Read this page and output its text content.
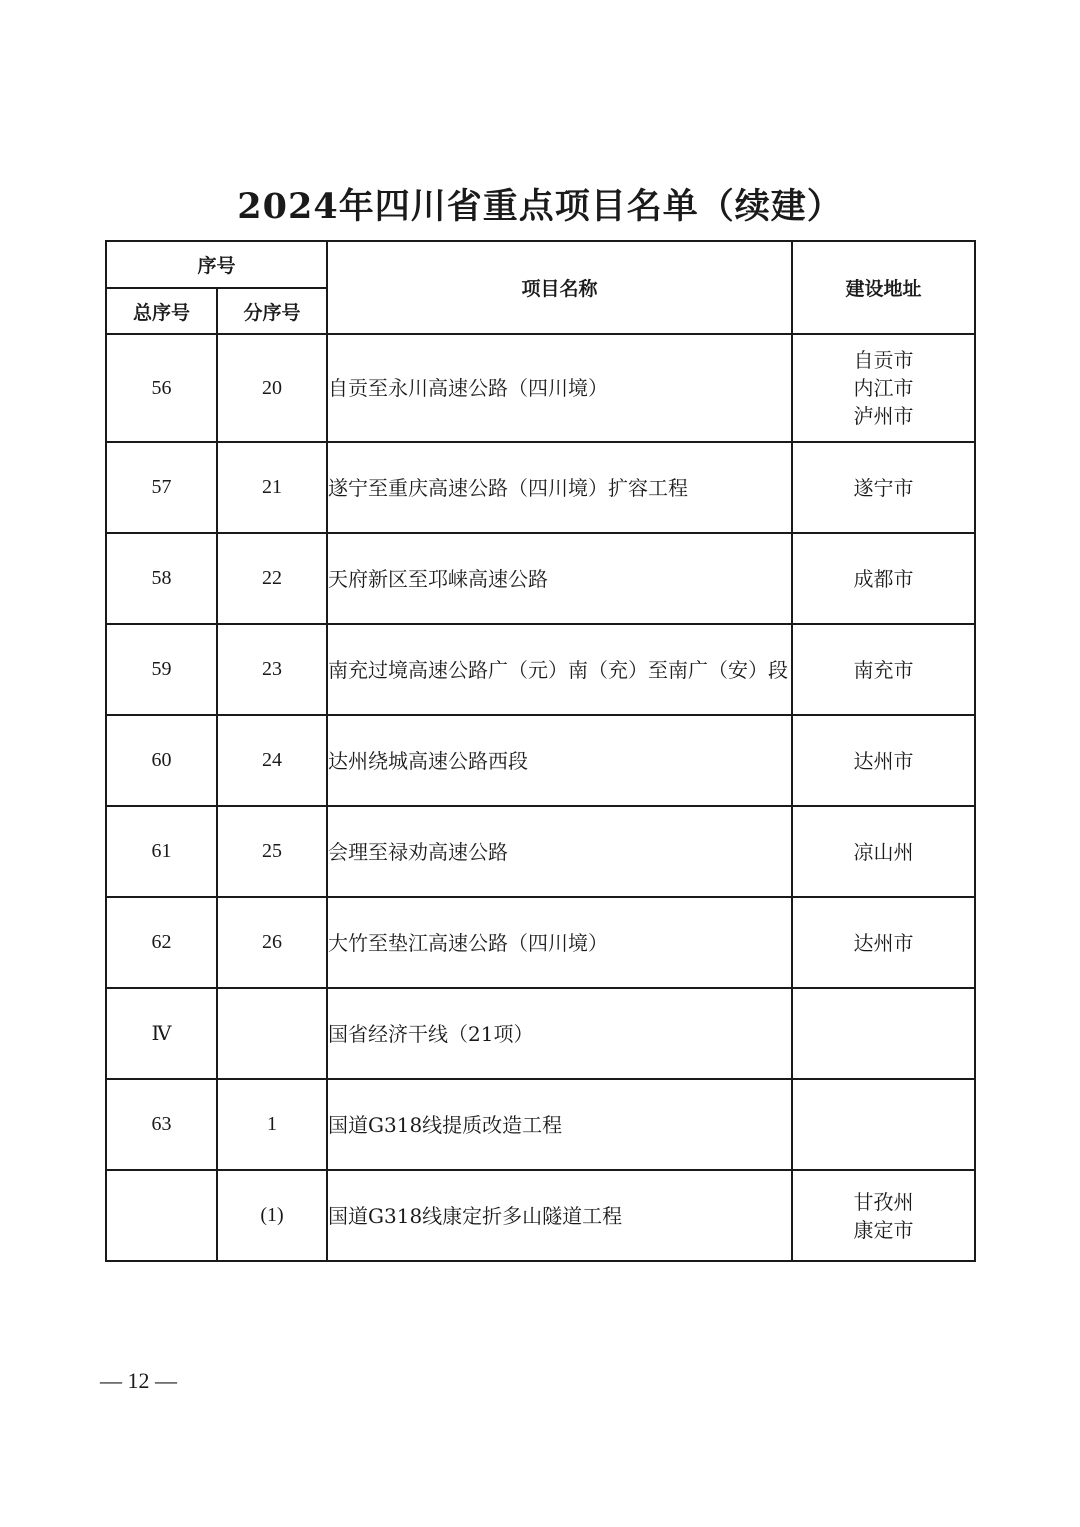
2024年四川省重点项目名单（续建）
序号		项目名称	建设地址
总序号	分序号		
56	20	自贡至永川高速公路（四川境）	自贡市
内江市
泸州市

57	21	遂宁至重庆高速公路（四川境）扩容工程	遂宁市

58	22	天府新区至邛崃高速公路	成都市

59	23	南充过境高速公路广（元）南（充）至南广（安）段	南充市

60	24	达州绕城高速公路西段	达州市

61	25	会理至禄劝高速公路	凉山州

62	26	大竹至垫江高速公路（四川境）	达州市

Ⅳ		国省经济干线（21项）	
63	1	国道G318线提质改造工程	
	(1)	国道G318线康定折多山隧道工程	甘孜州
康定市
— 12 —
